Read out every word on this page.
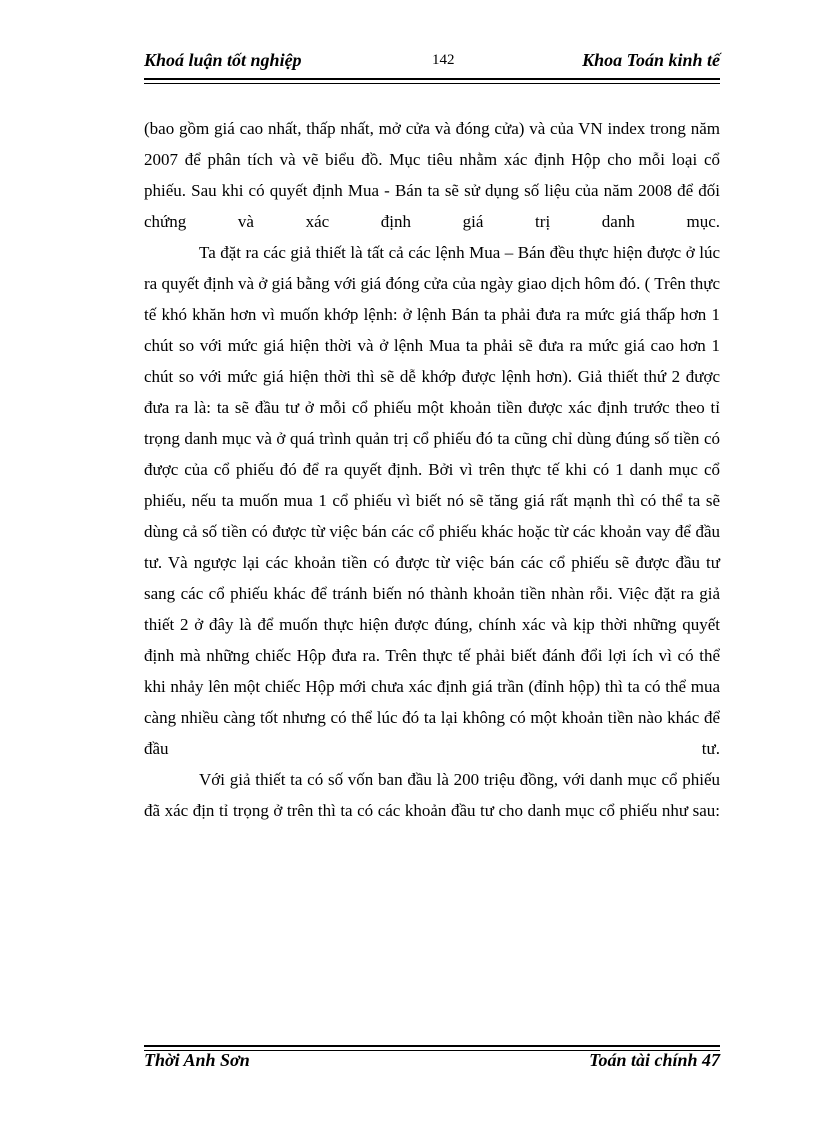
Khoá luận tốt nghiệp	142	Khoa Toán kinh tế

(bao gồm giá cao nhất, thấp nhất, mở cửa và đóng cửa) và của VN index trong năm 2007 để phân tích và vẽ biểu đồ. Mục tiêu nhằm xác định Hộp cho mỗi loại cổ phiếu. Sau khi có quyết định Mua - Bán ta sẽ sử dụng số liệu của năm 2008 để đối chứng và xác định giá trị danh mục.

Ta đặt ra các giả thiết là tất cả các lệnh Mua – Bán đều thực hiện được ở lúc ra quyết định và ở giá bằng với giá đóng cửa của ngày giao dịch hôm đó. ( Trên thực tế khó khăn hơn vì muốn khớp lệnh: ở lệnh Bán ta phải đưa ra mức giá thấp hơn 1 chút so với mức giá hiện thời và ở lệnh Mua ta phải sẽ đưa ra mức giá cao hơn 1 chút so với mức giá hiện thời thì sẽ dễ khớp được lệnh hơn). Giả thiết thứ 2 được đưa ra là: ta sẽ đầu tư ở mỗi cổ phiếu một khoản tiền được xác định trước theo tỉ trọng danh mục và ở quá trình quản trị cổ phiếu đó ta cũng chỉ dùng đúng số tiền có được của cổ phiếu đó để ra quyết định. Bởi vì trên thực tế khi có 1 danh mục cổ phiếu, nếu ta muốn mua 1 cổ phiếu vì biết nó sẽ tăng giá rất mạnh thì có thể ta sẽ dùng cả số tiền có được từ việc bán các cổ phiếu khác hoặc từ các khoản vay để đầu tư. Và ngược lại các khoản tiền có được từ việc bán các cổ phiếu sẽ được đầu tư sang các cổ phiếu khác để tránh biến nó thành khoản tiền nhàn rỗi. Việc đặt ra giả thiết 2 ở đây là để muốn thực hiện được đúng, chính xác và kịp thời những quyết định mà những chiếc Hộp đưa ra. Trên thực tế phải biết đánh đổi lợi ích vì có thể khi nhảy lên một chiếc Hộp mới chưa xác định giá trần (đỉnh hộp) thì ta có thể mua càng nhiều càng tốt nhưng có thể lúc đó ta lại không có một khoản tiền nào khác để đầu tư.

Với giả thiết ta có số vốn ban đầu là 200 triệu đồng, với danh mục cổ phiếu đã xác địn tỉ trọng ở trên thì ta có các khoản đầu tư cho danh mục cổ phiếu như sau:

Thời Anh Sơn	Toán tài chính 47
